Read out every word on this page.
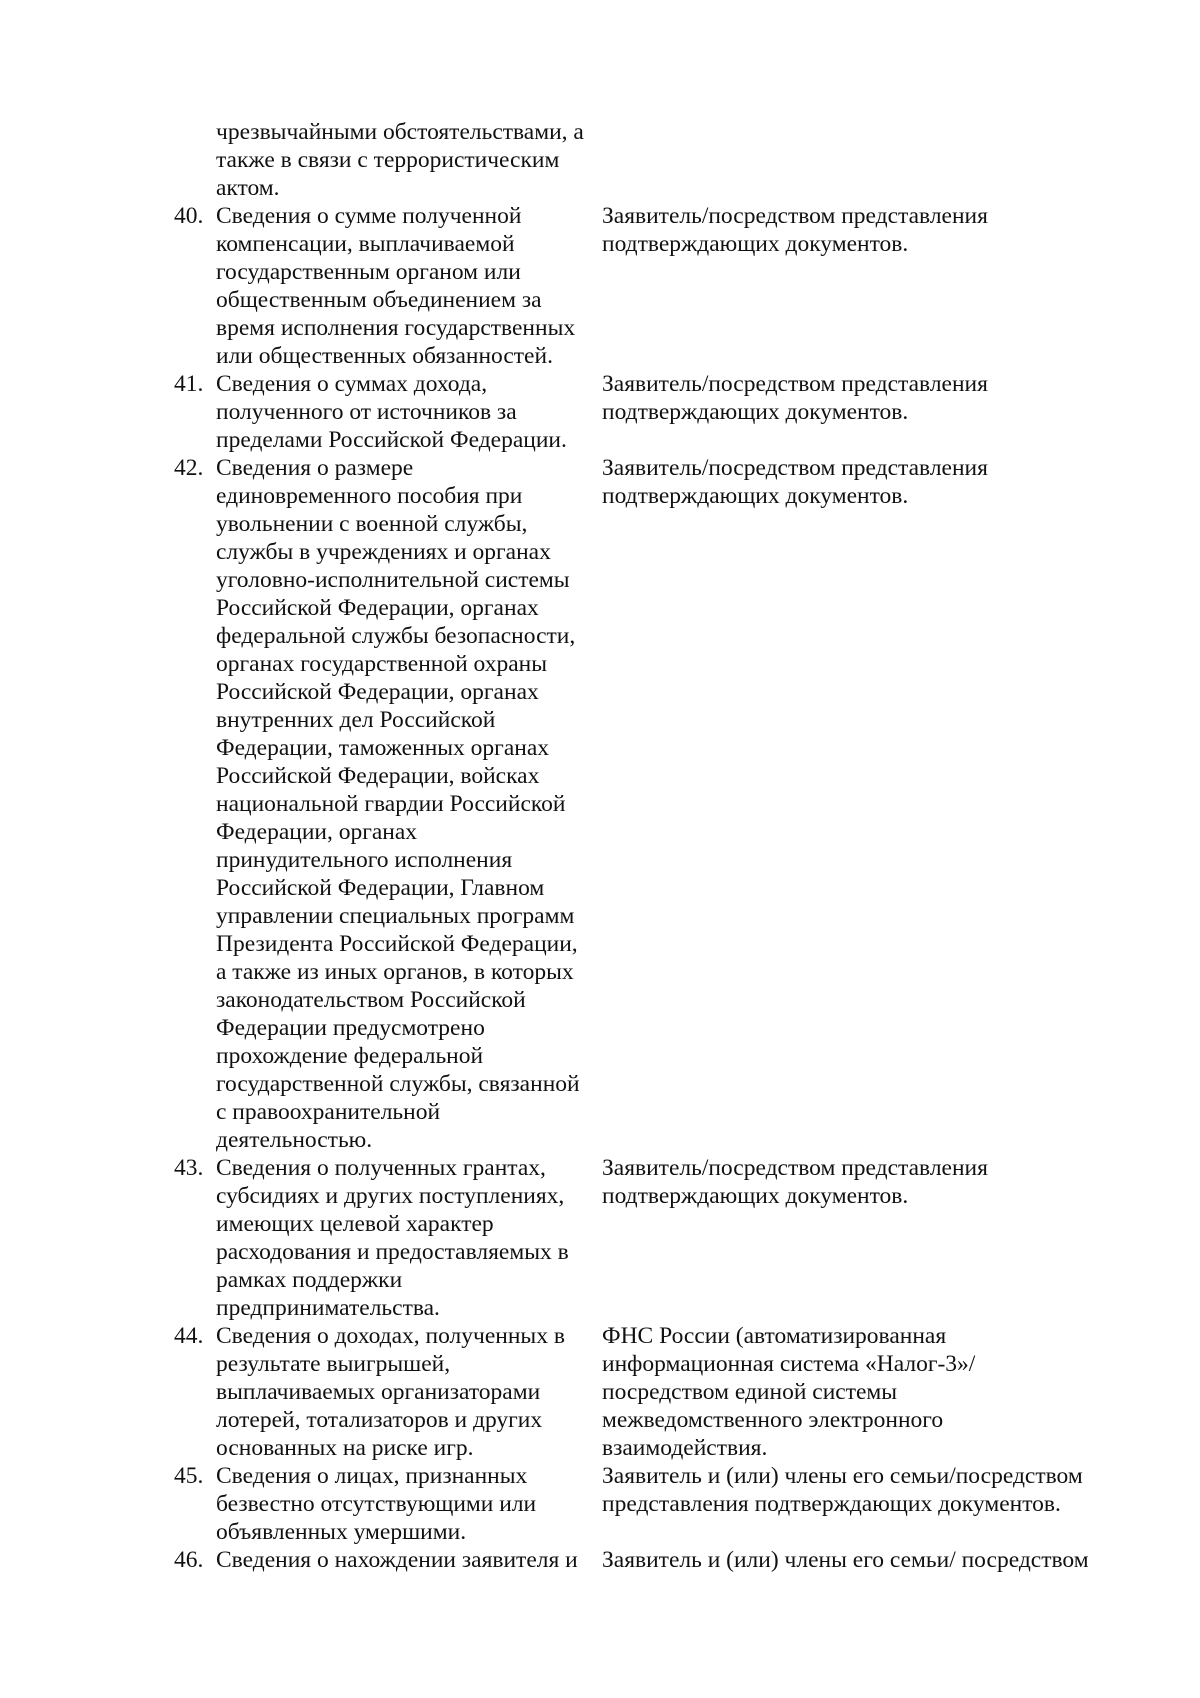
чрезвычайными обстоятельствами, а
также в связи с террористическим
актом.
40. Сведения о сумме полученной
компенсации, выплачиваемой
государственным органом или
общественным объединением за
время исполнения государственных
или общественных обязанностей.
Заявитель/посредством представления
подтверждающих документов.
41. Сведения о суммах дохода,
полученного от источников за
пределами Российской Федерации.
Заявитель/посредством представления
подтверждающих документов.
42. Сведения о размере
единовременного пособия при
увольнении с военной службы,
службы в учреждениях и органах
уголовно-исполнительной системы
Российской Федерации, органах
федеральной службы безопасности,
органах государственной охраны
Российской Федерации, органах
внутренних дел Российской
Федерации, таможенных органах
Российской Федерации, войсках
национальной гвардии Российской
Федерации, органах
принудительного исполнения
Российской Федерации, Главном
управлении специальных программ
Президента Российской Федерации,
а также из иных органов, в которых
законодательством Российской
Федерации предусмотрено
прохождение федеральной
государственной службы, связанной
с правоохранительной
деятельностью.
Заявитель/посредством представления
подтверждающих документов.
43. Сведения о полученных грантах,
субсидиях и других поступлениях,
имеющих целевой характер
расходования и предоставляемых в
рамках поддержки
предпринимательства.
Заявитель/посредством представления
подтверждающих документов.
44. Сведения о доходах, полученных в
результате выигрышей,
выплачиваемых организаторами
лотерей, тотализаторов и других
основанных на риске игр.
ФНС России (автоматизированная
информационная система «Налог-3»/
посредством единой системы
межведомственного электронного
взаимодействия.
45. Сведения о лицах, признанных
безвестно отсутствующими или
объявленных умершими.
Заявитель и (или) члены его семьи/посредством
представления подтверждающих документов.
46. Сведения о нахождении заявителя и Заявитель и (или) члены его семьи/ посредством
